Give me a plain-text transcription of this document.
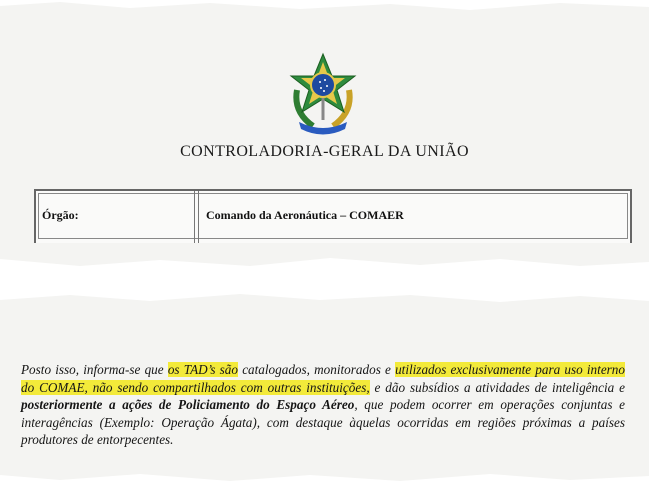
CONTROLADORIA-GERAL DA UNIÃO
Órgão:	Comando da Aeronáutica – COMAER

Posto isso, informa-se que os TAD’s são catalogados, monitorados e utilizados exclusivamente para uso interno do COMAE, não sendo compartilhados com outras instituições, e dão subsídios a atividades de inteligência e posteriormente a ações de Policiamento do Espaço Aéreo, que podem ocorrer em operações conjuntas e interagências (Exemplo: Operação Ágata), com destaque àquelas ocorridas em regiões próximas a países produtores de entorpecentes.
